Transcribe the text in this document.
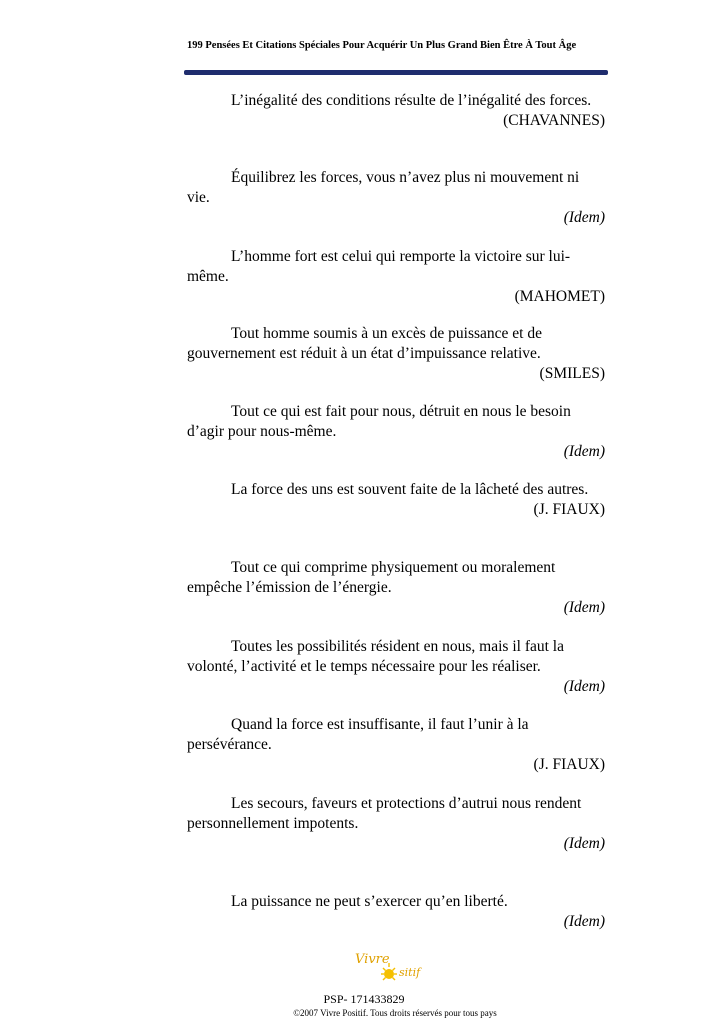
199 Pensées Et Citations Spéciales Pour Acquérir Un Plus Grand Bien Être À Tout Âge

L’inégalité des conditions résulte de l’inégalité des forces.

(CHAVANNES)

Équilibrez les forces, vous n’avez plus ni mouvement ni vie.

(Idem)

L’homme fort est celui qui remporte la victoire sur lui-même.

(MAHOMET)

Tout homme soumis à un excès de puissance et de gouvernement est réduit à un état d’impuissance relative.

(SMILES)

Tout ce qui est fait pour nous, détruit en nous le besoin d’agir pour nous-même.

(Idem)

La force des uns est souvent faite de la lâcheté des autres.

(J. FIAUX)

Tout ce qui comprime physiquement ou moralement empêche l’émission de l’énergie.

(Idem)

Toutes les possibilités résident en nous, mais il faut la volonté, l’activité et le temps nécessaire pour les réaliser.

(Idem)

Quand la force est insuffisante, il faut l’unir à la persévérance.

(J. FIAUX)

Les secours, faveurs et protections d’autrui nous rendent personnellement impotents.

(Idem)

La puissance ne peut s’exercer qu’en liberté.

(Idem)

Vivre
sitif
PSP- 171433829
©2007 Vivre Positif. Tous droits réservés pour tous pays
